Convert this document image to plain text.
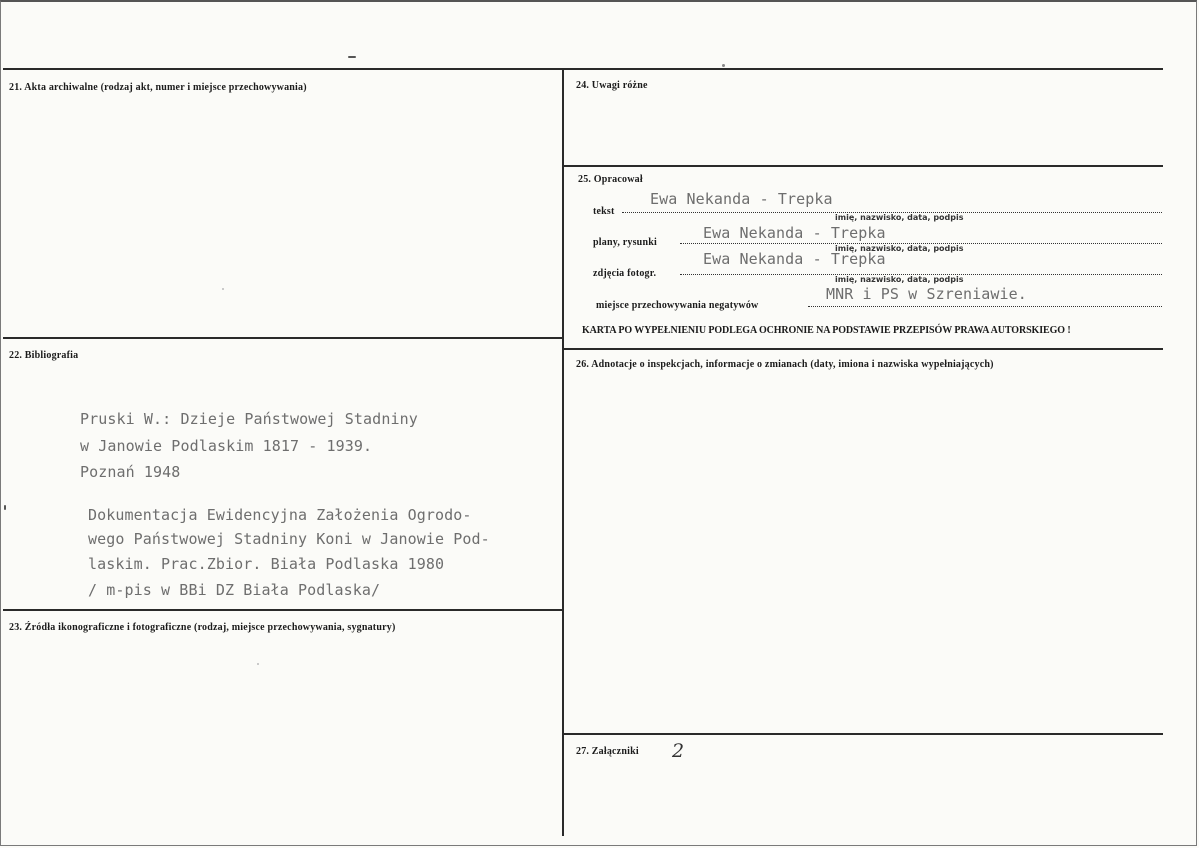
21. Akta archiwalne (rodzaj akt, numer i miejsce przechowywania)
22. Bibliografia
Pruski W.: Dzieje Państwowej Stadniny
w Janowie Podlaskim 1817 - 1939.
Poznań 1948
Dokumentacja Ewidencyjna Założenia Ogrodo-
wego Państwowej Stadniny Koni w Janowie Pod-
laskim. Prac.Zbior. Biała Podlaska 1980
/ m-pis w BBi DZ Biała Podlaska/
23. Źródła ikonograficzne i fotograficzne (rodzaj, miejsce przechowywania, sygnatury)
24. Uwagi różne
25. Opracował
tekst
Ewa Nekanda - Trepka
imię, nazwisko, data, podpis
plany, rysunki
Ewa Nekanda - Trepka
imię, nazwisko, data, podpis
zdjęcia fotogr.
Ewa Nekanda - Trepka
imię, nazwisko, data, podpis
miejsce przechowywania negatywów
MNR i PS w Szreniawie.
KARTA PO WYPEŁNIENIU PODLEGA OCHRONIE NA PODSTAWIE PRZEPISÓW PRAWA AUTORSKIEGO !
26. Adnotacje o inspekcjach, informacje o zmianach (daty, imiona i nazwiska wypełniających)
27. Załączniki 2
